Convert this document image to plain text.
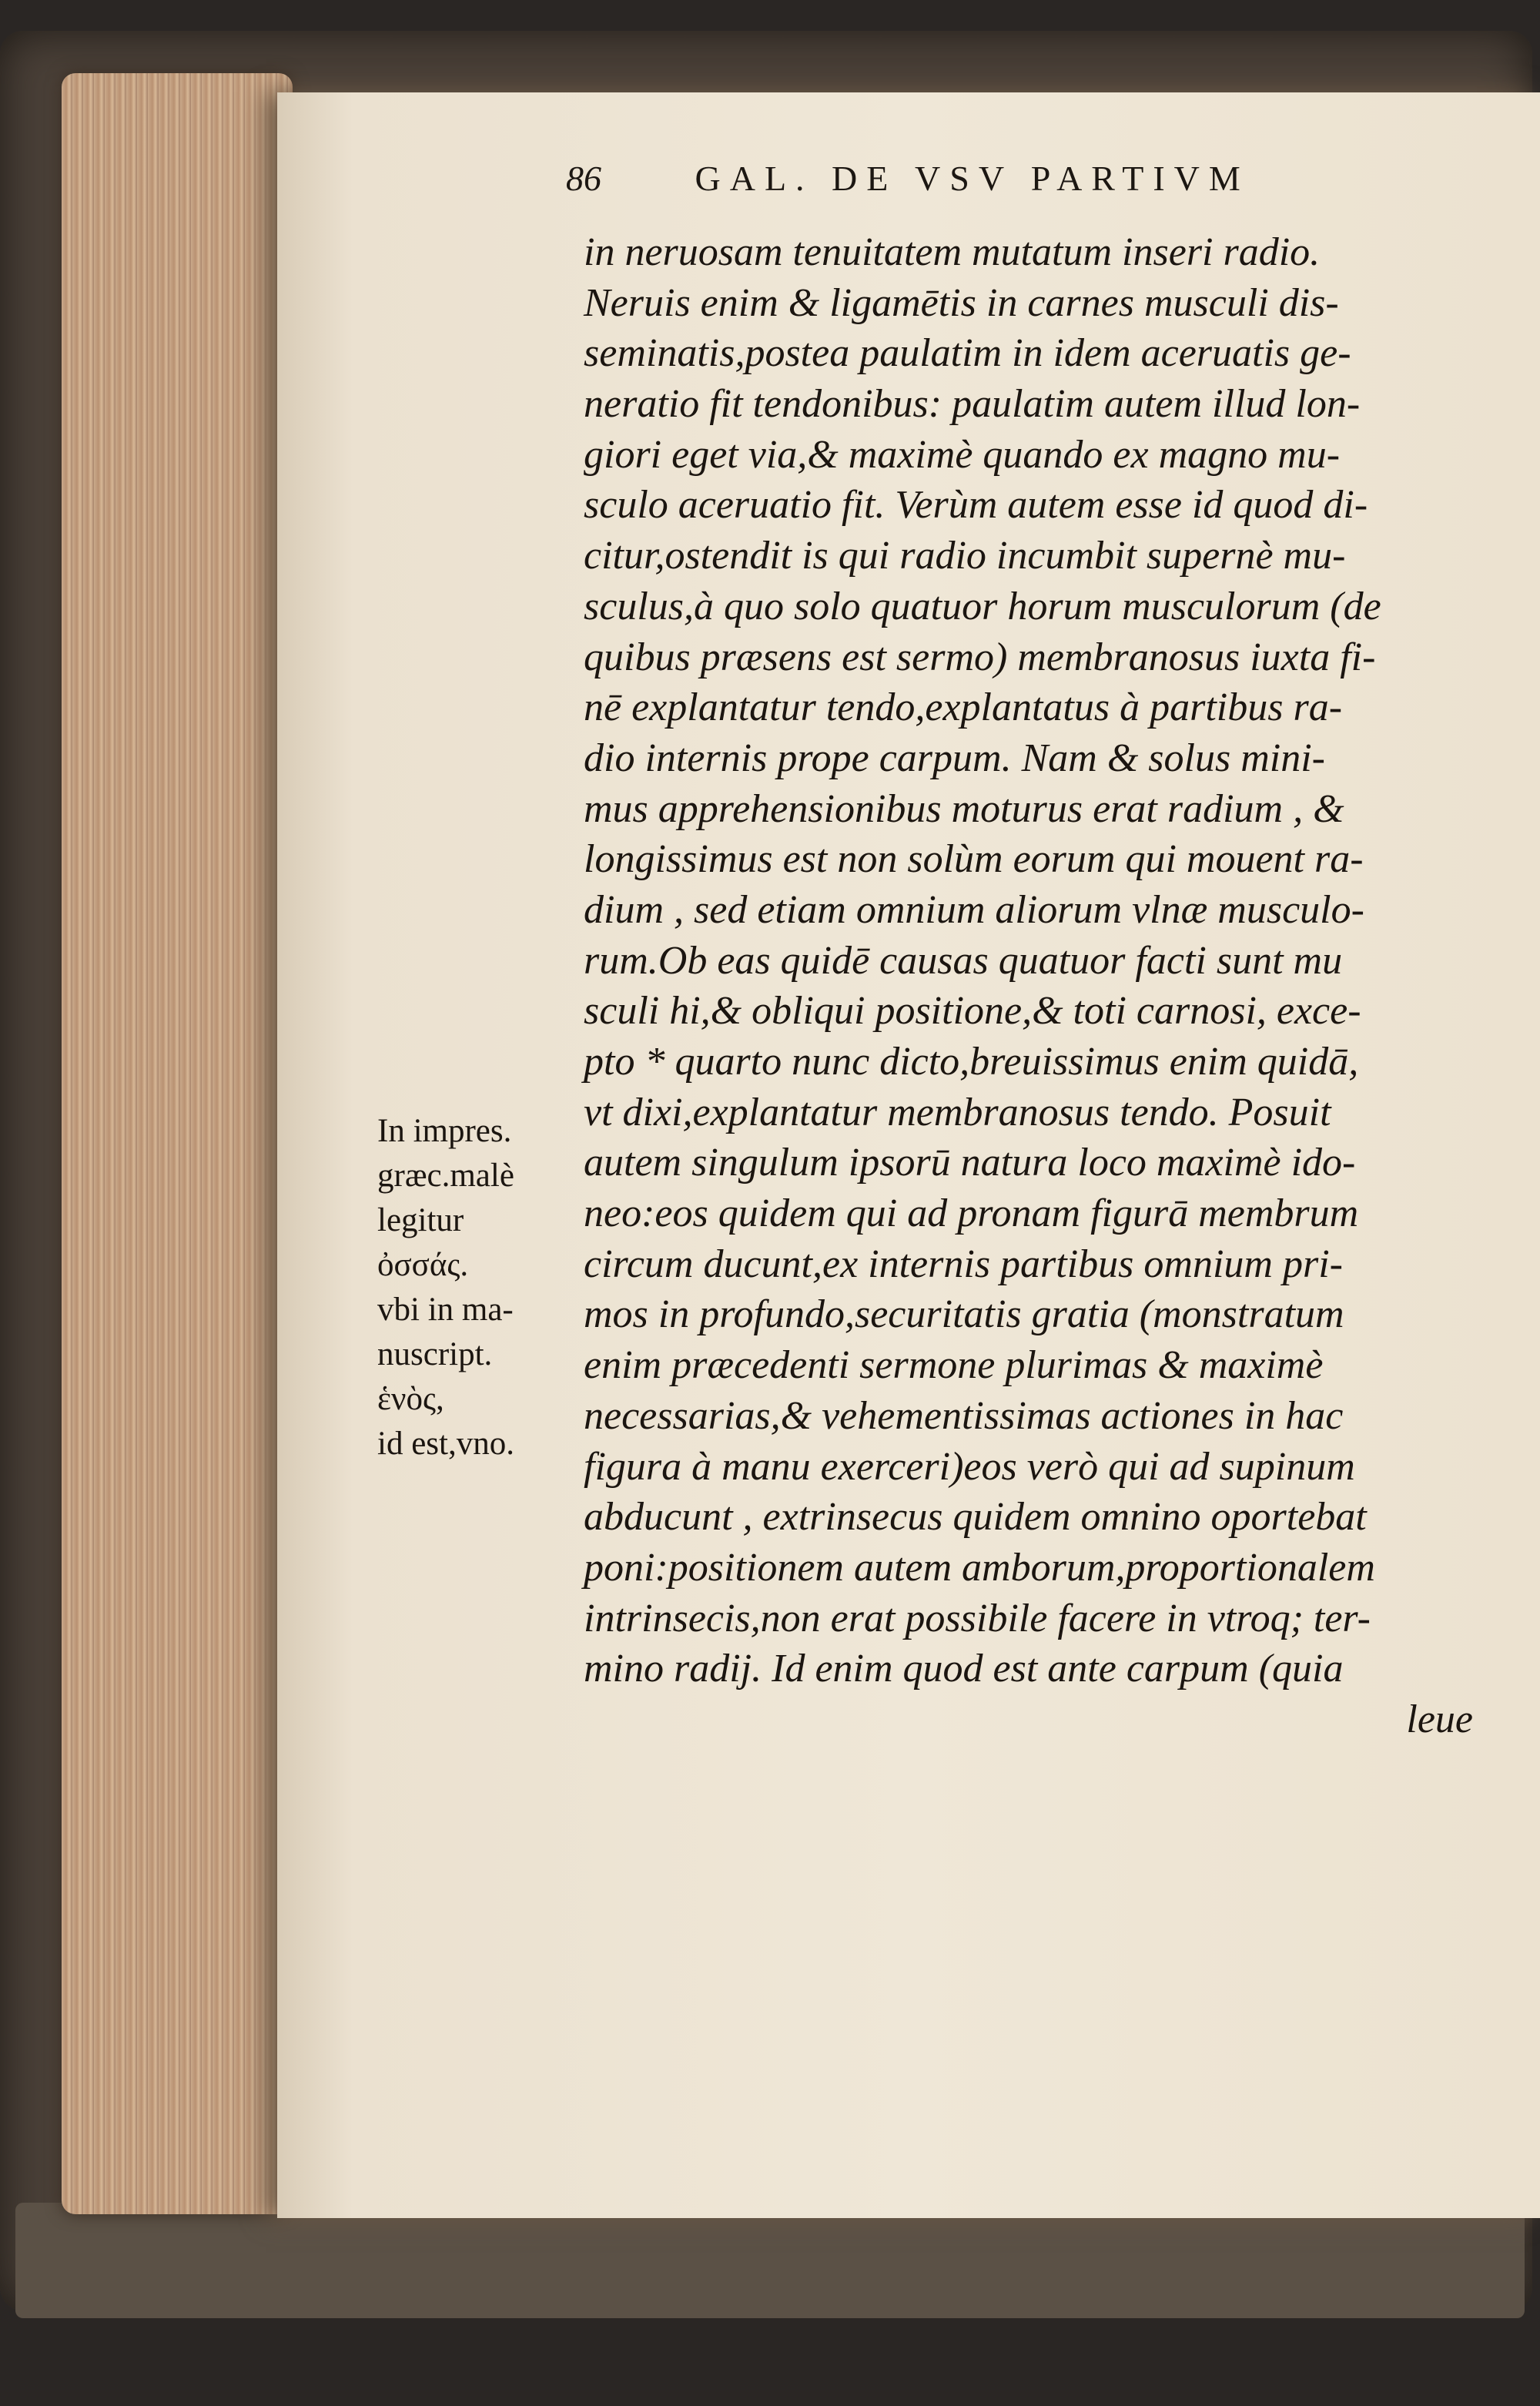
86	GAL. DE VSV PARTIVM
in neruosam tenuitatem mutatum inseri radio.
Neruis enim & ligamētis in carnes musculi dis-
seminatis,postea paulatim in idem aceruatis ge-
neratio fit tendonibus: paulatim autem illud lon-
giori eget via,& maximè quando ex magno mu-
sculo aceruatio fit. Verùm autem esse id quod di-
citur,ostendit is qui radio incumbit supernè mu-
sculus,à quo solo quatuor horum musculorum (de
quibus præsens est sermo) membranosus iuxta fi-
nē explantatur tendo,explantatus à partibus ra-
dio internis prope carpum. Nam & solus mini-
mus apprehensionibus moturus erat radium , &
longissimus est non solùm eorum qui mouent ra-
dium , sed etiam omnium aliorum vlnæ musculo-
rum.Ob eas quidē causas quatuor facti sunt mu
sculi hi,& obliqui positione,& toti carnosi, exce-
pto * quarto nunc dicto,breuissimus enim quidā,
vt dixi,explantatur membranosus tendo. Posuit
autem singulum ipsorū natura loco maximè ido-
neo:eos quidem qui ad pronam figurā membrum
circum ducunt,ex internis partibus omnium pri-
mos in profundo,securitatis gratia (monstratum
enim præcedenti sermone plurimas & maximè
necessarias,& vehementissimas actiones in hac
figura à manu exerceri)eos verò qui ad supinum
abducunt , extrinsecus quidem omnino oportebat
poni:positionem autem amborum,proportionalem
intrinsecis,non erat possibile facere in vtroq; ter-
mino radij. Id enim quod est ante carpum (quia
leue
In impres.
græc.malè
legitur
ὀσσάς.
vbi in ma-
nuscript.
ἑνὸς,
id est,vno.
